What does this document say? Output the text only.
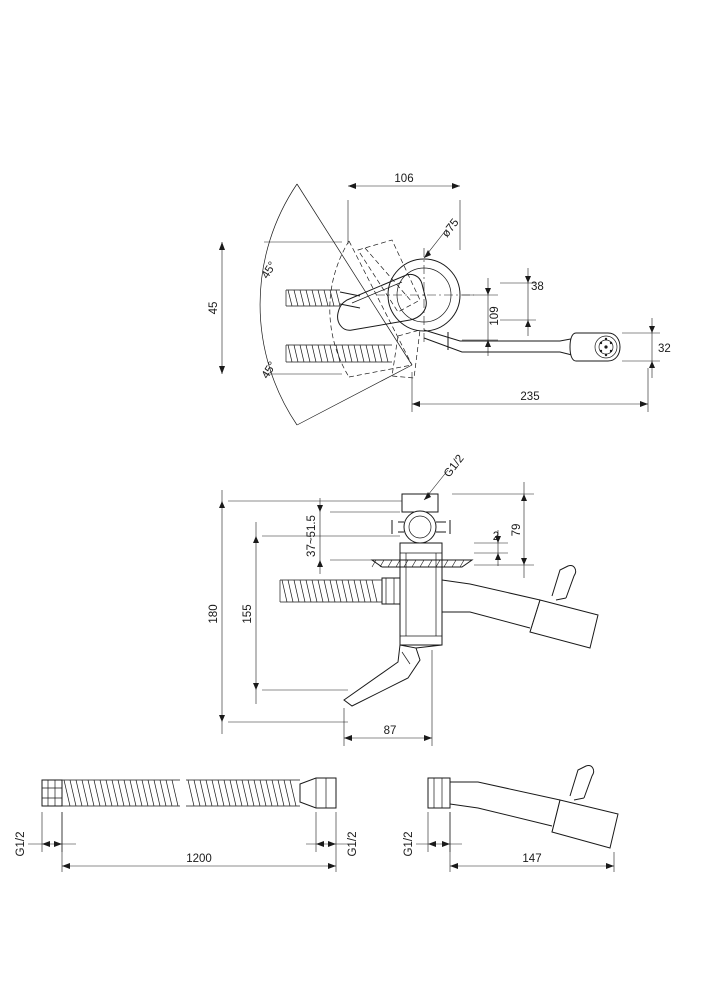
106
ø75
109
38
32
45
235
45°
45°
G1/2
37~51.5	2
79
155
180
87
G1/2
1200
G1/2	G1/2
147
